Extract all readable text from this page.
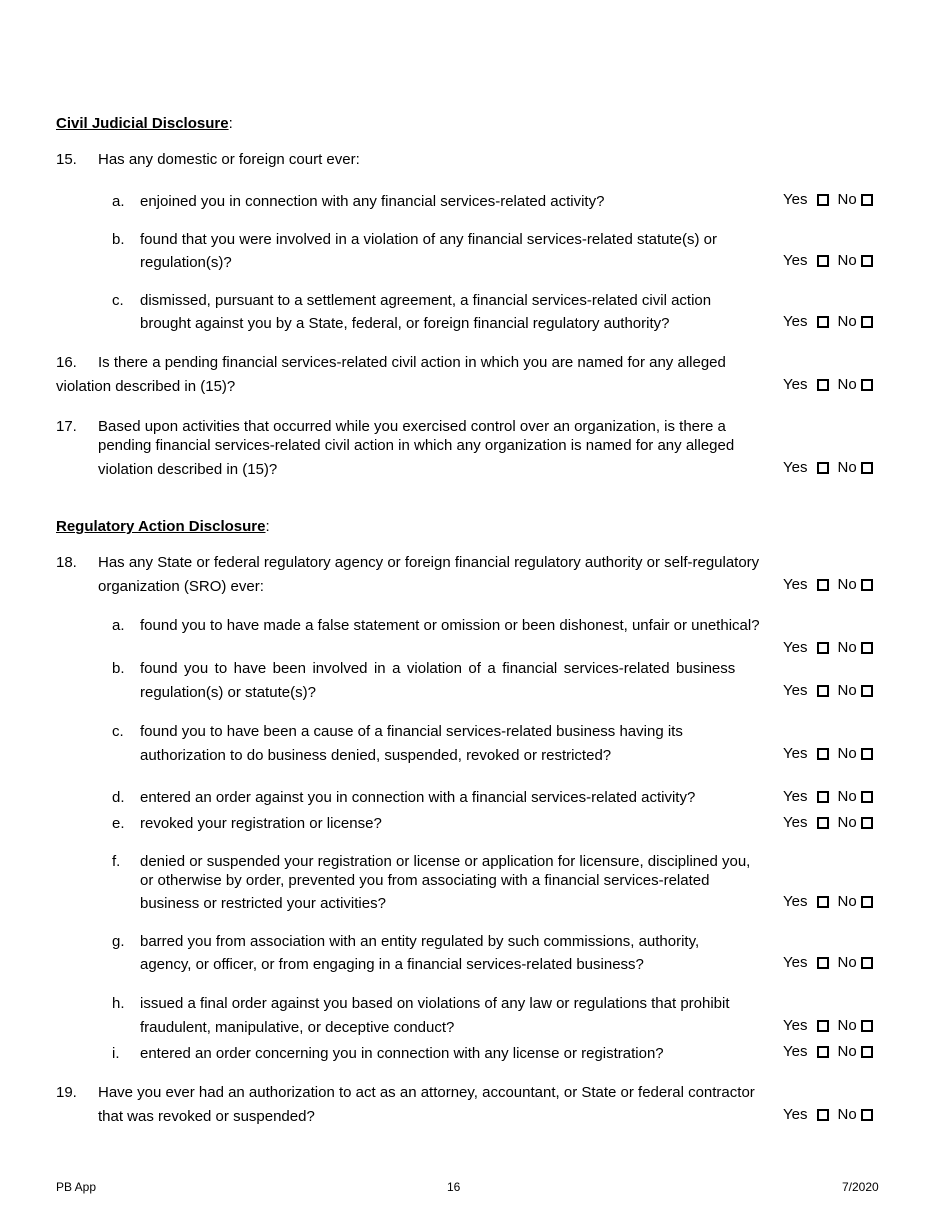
Civil Judicial Disclosure:
15. Has any domestic or foreign court ever:
a. enjoined you in connection with any financial services-related activity?	Yes No
b. found that you were involved in a violation of any financial services-related statute(s) or
regulation(s)?	Yes No
c. dismissed, pursuant to a settlement agreement, a financial services-related civil action
brought against you by a State, federal, or foreign financial regulatory authority?	Yes No
16. Is there a pending financial services-related civil action in which you are named for any alleged
violation described in (15)?	Yes No
17. Based upon activities that occurred while you exercised control over an organization, is there a
pending financial services-related civil action in which any organization is named for any alleged
violation described in (15)?	Yes No
Regulatory Action Disclosure:
18. Has any State or federal regulatory agency or foreign financial regulatory authority or self-regulatory
organization (SRO) ever:	Yes No
a. found you to have made a false statement or omission or been dishonest, unfair or unethical?
Yes No
b. found you to have been involved in a violation of a financial services-related business
regulation(s) or statute(s)?	Yes No
c. found you to have been a cause of a financial services-related business having its
authorization to do business denied, suspended, revoked or restricted?	Yes No
d. entered an order against you in connection with a financial services-related activity?	Yes No
e. revoked your registration or license?	Yes No
f. denied or suspended your registration or license or application for licensure, disciplined you,
or otherwise by order, prevented you from associating with a financial services-related
business or restricted your activities?	Yes No
g. barred you from association with an entity regulated by such commissions, authority,
agency, or officer, or from engaging in a financial services-related business?	Yes No
h. issued a final order against you based on violations of any law or regulations that prohibit
fraudulent, manipulative, or deceptive conduct?	Yes No
i. entered an order concerning you in connection with any license or registration?	Yes No
19. Have you ever had an authorization to act as an attorney, accountant, or State or federal contractor
that was revoked or suspended?	Yes No
PB App	16	7/2020
